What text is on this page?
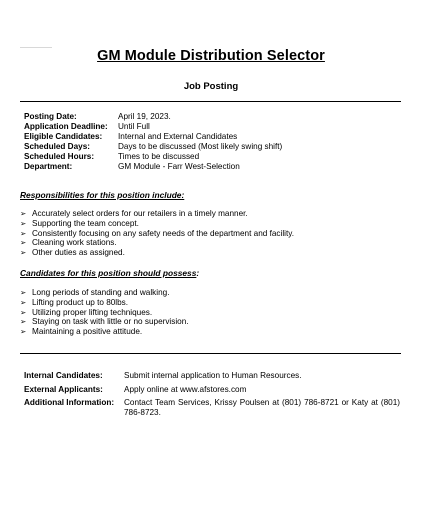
GM Module Distribution Selector
Job Posting
Posting Date:	April 19, 2023.
Application Deadline:	Until Full
Eligible Candidates:	Internal and External Candidates
Scheduled Days:	Days to be discussed (Most likely swing shift)
Scheduled Hours:	Times to be discussed
Department:	GM Module - Farr West-Selection
Responsibilities for this position include:
➢ Accurately select orders for our retailers in a timely manner.
➢ Supporting the team concept.
➢ Consistently focusing on any safety needs of the department and facility.
➢ Cleaning work stations.
➢ Other duties as assigned.
Candidates for this position should possess:
➢ Long periods of standing and walking.
➢ Lifting product up to 80lbs.
➢ Utilizing proper lifting techniques.
➢ Staying on task with little or no supervision.
➢ Maintaining a positive attitude.
Internal Candidates:	Submit internal application to Human Resources.
External Applicants:	Apply online at www.afstores.com
Additional Information:	Contact Team Services, Krissy Poulsen at (801) 786-8721 or Katy at (801) 786-8723.
